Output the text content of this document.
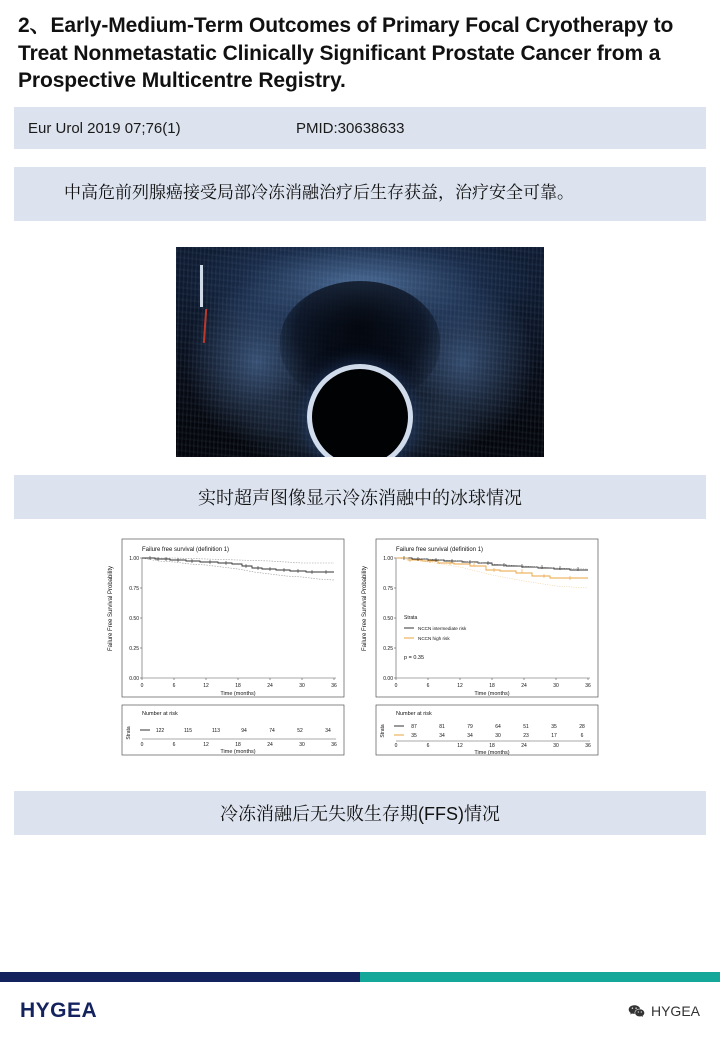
2、Early-Medium-Term Outcomes of Primary Focal Cryotherapy to Treat Nonmetastatic Clinically Significant Prostate Cancer from a Prospective Multicentre Registry.
Eur Urol 2019 07;76(1)	PMID:30638633
中高危前列腺癌接受局部冷冻消融治疗后生存获益，治疗安全可靠。
实时超声图像显示冷冻消融中的冰球情况
Failure free survival (definition 1)
Failure Free Survival Probability
1.00
0.75
0.50
0.25
0.00
0	6	12	18	24	30	36
Time (months)
Number at risk
Strata	122	115	113	94	74	52	34
0	6	12	18	24	30	36
Time (months)
Failure free survival (definition 1)
Failure Free Survival Probability
1.00
0.75
0.50
0.25
0.00
0	6	12	18	24	30	36
Time (months)
Strata
NCCN intermediate risk
NCCN high risk
p = 0.35
Number at risk
Strata	87	81	79	64	51	35	28
35	34	34	30	23	17	6
0	6	12	18	24	30	36
Time (months)
冷冻消融后无失败生存期(FFS)情况
HYGEA	HYGEA
